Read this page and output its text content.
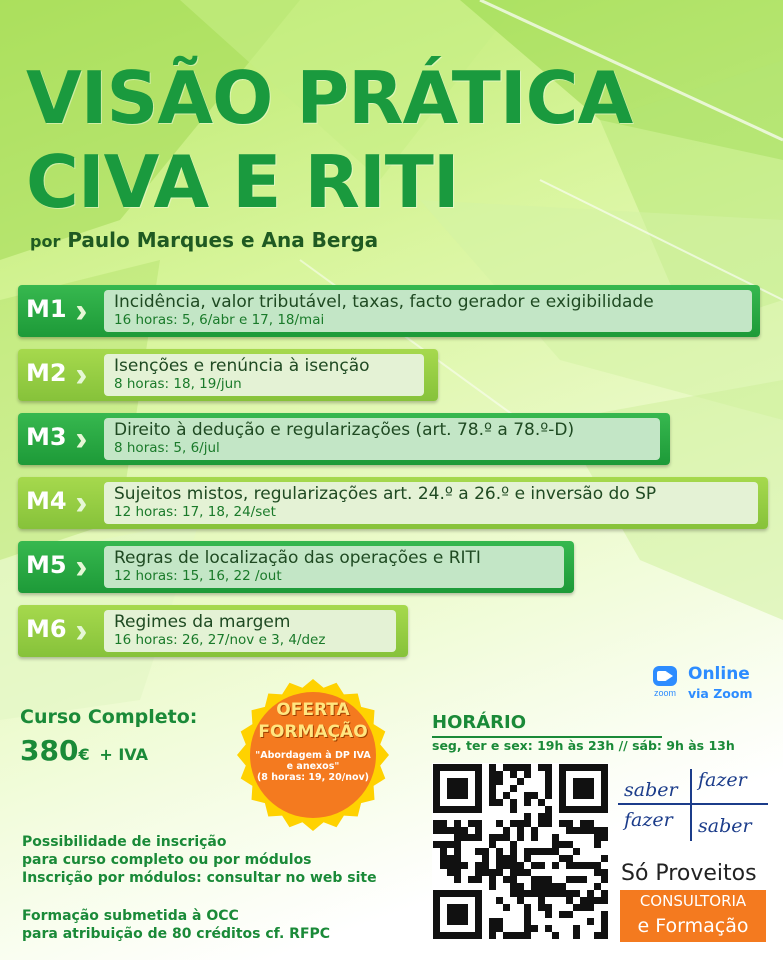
VISÃO PRÁTICA
CIVA E RITI
por Paulo Marques e Ana Berga
M1	Incidência, valor tributável, taxas, facto gerador e exigibilidade
16 horas: 5, 6/abr e 17, 18/mai
M2	Isenções e renúncia à isenção
8 horas: 18, 19/jun
M3	Direito à dedução e regularizações (art. 78.º a 78.º-D)
8 horas: 5, 6/jul
M4	Sujeitos mistos, regularizações art. 24.º a 26.º e inversão do SP
12 horas: 17, 18, 24/set
M5	Regras de localização das operações e RITI
12 horas: 15, 16, 22 /out
M6	Regimes da margem
16 horas: 26, 27/nov e 3, 4/dez
zoom
Online
via Zoom
Curso Completo:
380€ + IVA
OFERTA
FORMAÇÃO
"Abordagem à DP IVA e anexos"
(8 horas: 19, 20/nov)
Possibilidade de inscrição
para curso completo ou por módulos
Inscrição por módulos: consultar no web site
Formação submetida à OCC
para atribuição de 80 créditos cf. RFPC
HORÁRIO
seg, ter e sex: 19h às 23h // sáb: 9h às 13h
saber fazer
fazer saber
Só Proveitos
CONSULTORIA
e Formação
